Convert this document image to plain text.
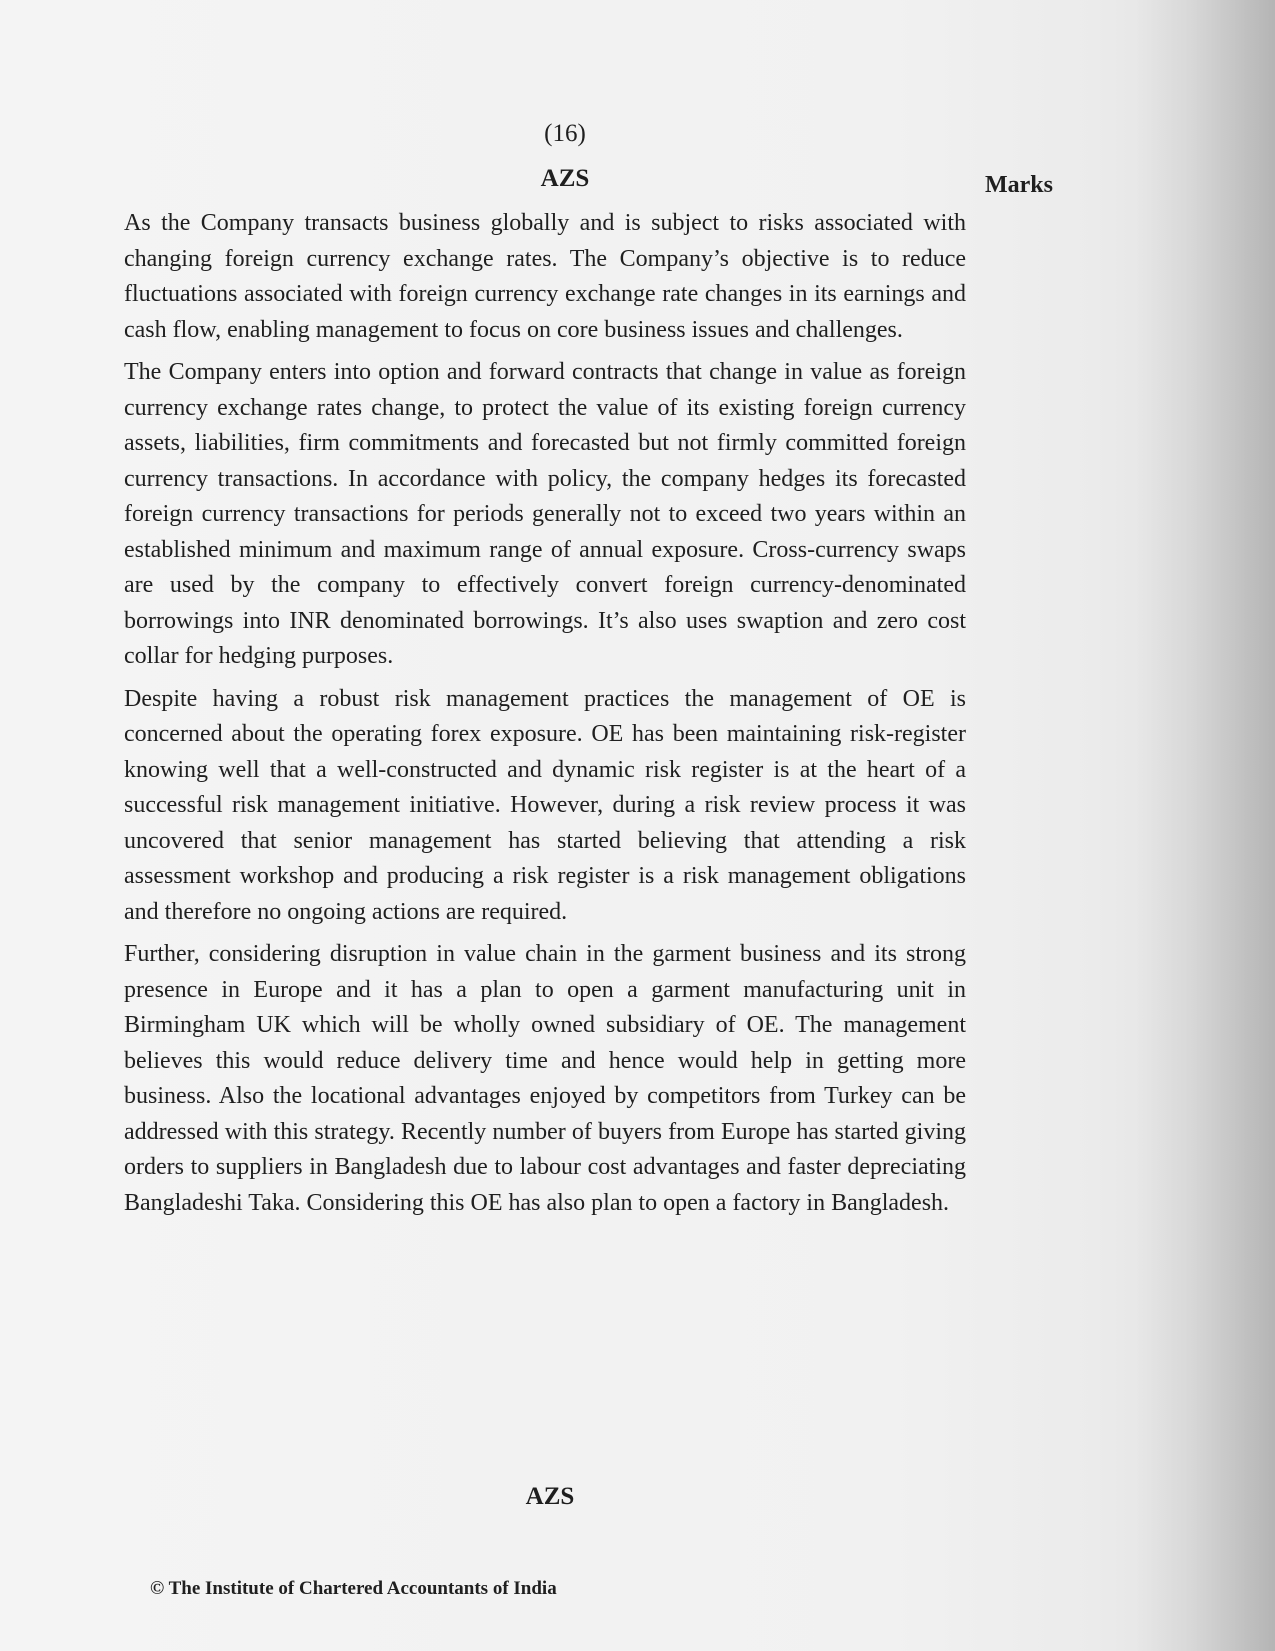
(16)
AZS	Marks

As the Company transacts business globally and is subject to risks associated with changing foreign currency exchange rates. The Company’s objective is to reduce fluctuations associated with foreign currency exchange rate changes in its earnings and cash flow, enabling management to focus on core business issues and challenges.

The Company enters into option and forward contracts that change in value as foreign currency exchange rates change, to protect the value of its existing foreign currency assets, liabilities, firm commitments and forecasted but not firmly committed foreign currency transactions. In accordance with policy, the company hedges its forecasted foreign currency transactions for periods generally not to exceed two years within an established minimum and maximum range of annual exposure. Cross-currency swaps are used by the company to effectively convert foreign currency-denominated borrowings into INR denominated borrowings. It’s also uses swaption and zero cost collar for hedging purposes.

Despite having a robust risk management practices the management of OE is concerned about the operating forex exposure. OE has been maintaining risk-register knowing well that a well-constructed and dynamic risk register is at the heart of a successful risk management initiative. However, during a risk review process it was uncovered that senior management has started believing that attending a risk assessment workshop and producing a risk register is a risk management obligations and therefore no ongoing actions are required.

Further, considering disruption in value chain in the garment business and its strong presence in Europe and it has a plan to open a garment manufacturing unit in Birmingham UK which will be wholly owned subsidiary of OE. The management believes this would reduce delivery time and hence would help in getting more business. Also the locational advantages enjoyed by competitors from Turkey can be addressed with this strategy. Recently number of buyers from Europe has started giving orders to suppliers in Bangladesh due to labour cost advantages and faster depreciating Bangladeshi Taka. Considering this OE has also plan to open a factory in Bangladesh.

AZS
© The Institute of Chartered Accountants of India
